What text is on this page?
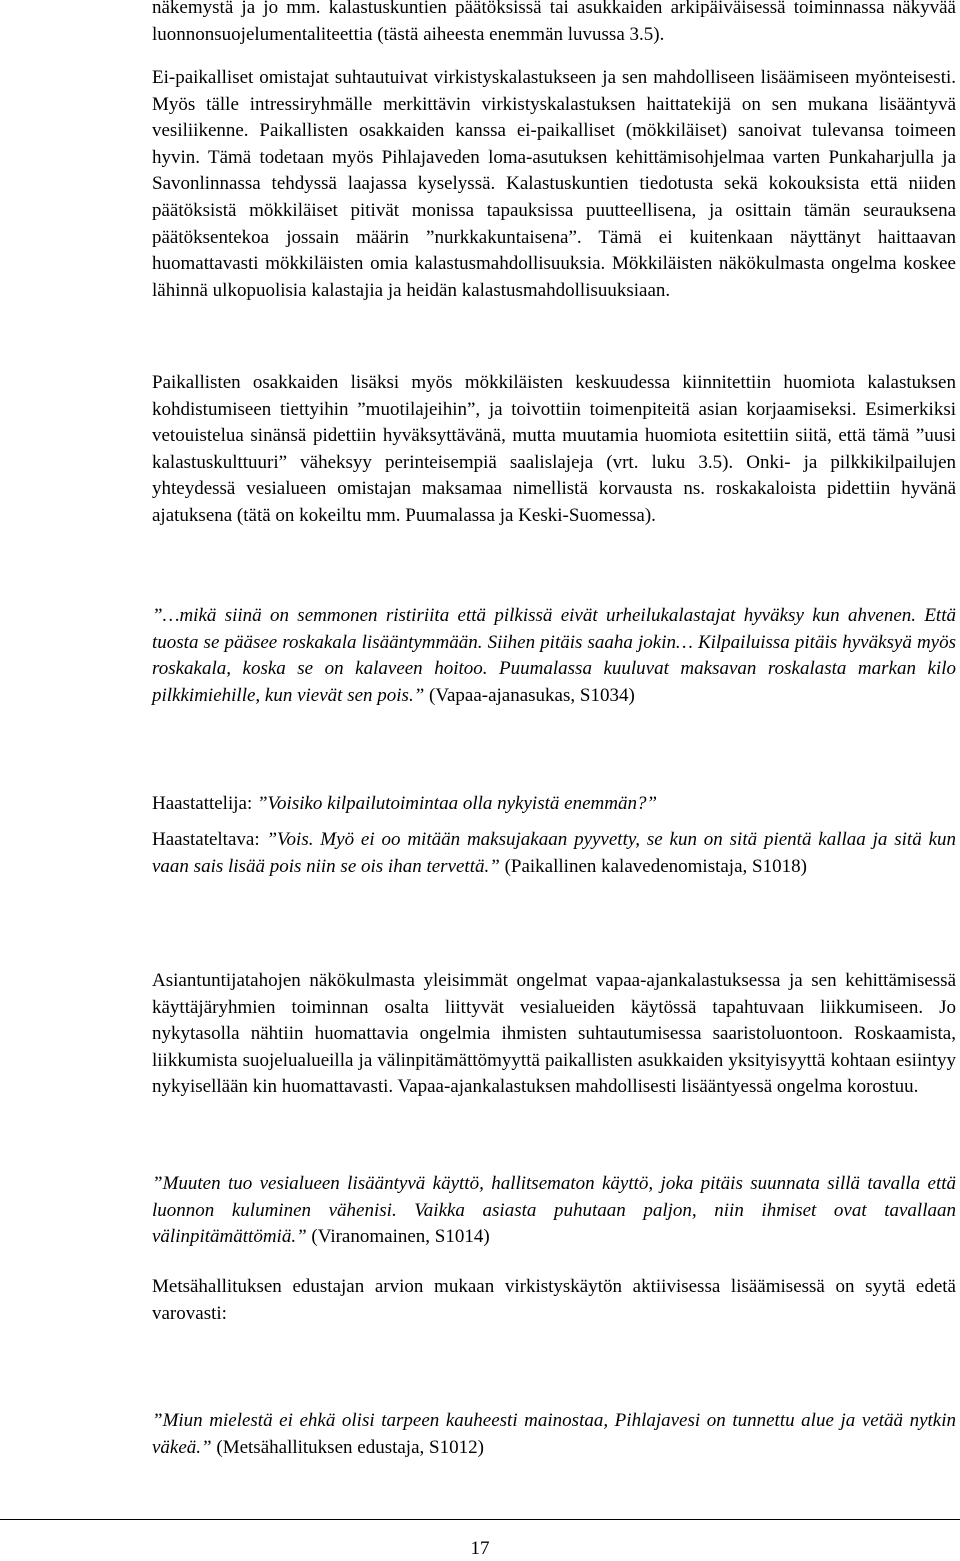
näkemystä ja jo mm. kalastuskuntien päätöksissä tai asukkaiden arkipäiväisessä toiminnassa näkyvää luonnonsuojelumentaliteettia (tästä aiheesta enemmän luvussa 3.5).

Ei-paikalliset omistajat suhtautuivat virkistyskalastukseen ja sen mahdolliseen lisäämiseen myönteisesti. Myös tälle intressiryhmälle merkittävin virkistyskalastuksen haittatekijä on sen mukana lisääntyvä vesiliikenne. Paikallisten osakkaiden kanssa ei-paikalliset (mökkiläiset) sanoivat tulevansa toimeen hyvin. Tämä todetaan myös Pihlajaveden loma-asutuksen kehittämisohjelmaa varten Punkaharjulla ja Savonlinnassa tehdyssä laajassa kyselyssä. Kalastuskuntien tiedotusta sekä kokouksista että niiden päätöksistä mökkiläiset pitivät monissa tapauksissa puutteellisena, ja osittain tämän seurauksena päätöksentekoa jossain määrin ”nurkkakuntaisena”. Tämä ei kuitenkaan näyttänyt haittaavan huomattavasti mökkiläisten omia kalastusmahdollisuuksia. Mökkiläisten näkökulmasta ongelma koskee lähinnä ulkopuolisia kalastajia ja heidän kalastusmahdollisuuksiaan.

Paikallisten osakkaiden lisäksi myös mökkiläisten keskuudessa kiinnitettiin huomiota kalastuksen kohdistumiseen tiettyihin ”muotilajeihin”, ja toivottiin toimenpiteitä asian korjaamiseksi. Esimerkiksi vetouistelua sinänsä pidettiin hyväksyttävänä, mutta muutamia huomiota esitettiin siitä, että tämä ”uusi kalastuskulttuuri” väheksyy perinteisempiä saalislajeja (vrt. luku 3.5). Onki- ja pilkkikilpailujen yhteydessä vesialueen omistajan maksamaa nimellistä korvausta ns. roskakaloista pidettiin hyvänä ajatuksena (tätä on kokeiltu mm. Puumalassa ja Keski-Suomessa).

”…mikä siinä on semmonen ristiriita että pilkissä eivät urheilukalastajat hyväksy kun ahvenen. Että tuosta se pääsee roskakala lisääntymmään. Siihen pitäis saaha jokin… Kilpailuissa pitäis hyväksyä myös roskakala, koska se on kalaveen hoitoo. Puumalassa kuuluvat maksavan roskalasta markan kilo pilkkimiehille, kun vievät sen pois.” (Vapaa-ajanasukas, S1034)

Haastattelija: ”Voisiko kilpailutoimintaa olla nykyistä enemmän?”

Haastateltava: ”Vois. Myö ei oo mitään maksujakaan pyyvetty, se kun on sitä pientä kallaa ja sitä kun vaan sais lisää pois niin se ois ihan tervettä.” (Paikallinen kalavedenomistaja, S1018)

Asiantuntijatahojen näkökulmasta yleisimmät ongelmat vapaa-ajankalastuksessa ja sen kehittämisessä käyttäjäryhmien toiminnan osalta liittyvät vesialueiden käytössä tapahtuvaan liikkumiseen. Jo nykytasolla nähtiin huomattavia ongelmia ihmisten suhtautumisessa saaristoluontoon. Roskaamista, liikkumista suojelualueilla ja välinpitämättömyyttä paikallisten asukkaiden yksityisyyttä kohtaan esiintyy nykyisellään kin huomattavasti. Vapaa-ajankalastuksen mahdollisesti lisääntyessä ongelma korostuu.

”Muuten tuo vesialueen lisääntyvä käyttö, hallitsematon käyttö, joka pitäis suunnata sillä tavalla että luonnon kuluminen vähenisi. Vaikka asiasta puhutaan paljon, niin ihmiset ovat tavallaan välinpitämättömiä.” (Viranomainen, S1014)

Metsähallituksen edustajan arvion mukaan virkistyskäytön aktiivisessa lisäämisessä on syytä edetä varovasti:

”Miun mielestä ei ehkä olisi tarpeen kauheesti mainostaa, Pihlajavesi on tunnettu alue ja vetää nytkin väkeä.” (Metsähallituksen edustaja, S1012)

17
